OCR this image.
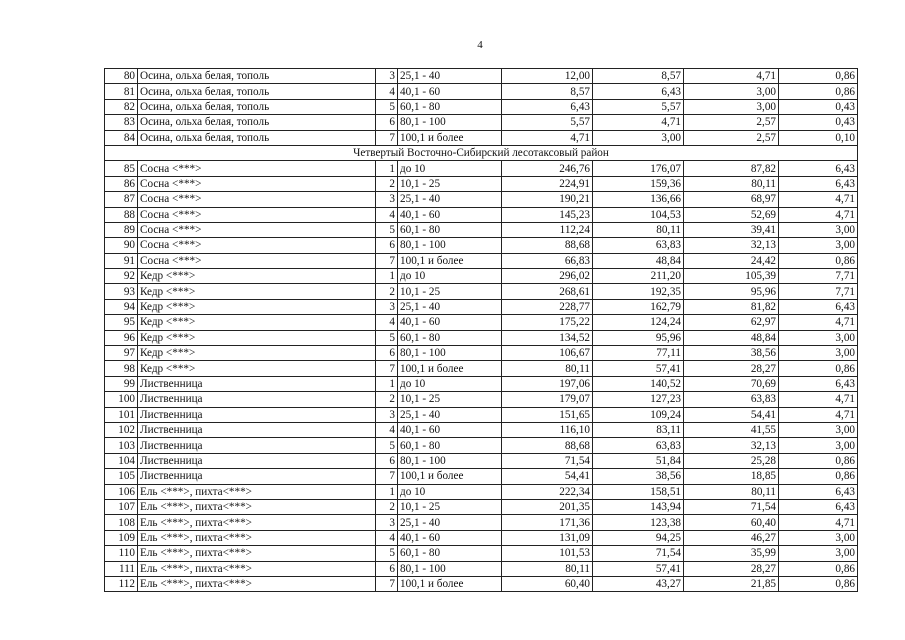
4
80	Осина, ольха белая, тополь	3	25,1 - 40	12,00	8,57	4,71	0,86
81	Осина, ольха белая, тополь	4	40,1 - 60	8,57	6,43	3,00	0,86
82	Осина, ольха белая, тополь	5	60,1 - 80	6,43	5,57	3,00	0,43
83	Осина, ольха белая, тополь	6	80,1 - 100	5,57	4,71	2,57	0,43
84	Осина, ольха белая, тополь	7	100,1 и более	4,71	3,00	2,57	0,10
Четвертый Восточно-Сибирский лесотаксовый район							
85	Сосна <***>	1	до 10	246,76	176,07	87,82	6,43
86	Сосна <***>	2	10,1 - 25	224,91	159,36	80,11	6,43
87	Сосна <***>	3	25,1 - 40	190,21	136,66	68,97	4,71
88	Сосна <***>	4	40,1 - 60	145,23	104,53	52,69	4,71
89	Сосна <***>	5	60,1 - 80	112,24	80,11	39,41	3,00
90	Сосна <***>	6	80,1 - 100	88,68	63,83	32,13	3,00
91	Сосна <***>	7	100,1 и более	66,83	48,84	24,42	0,86
92	Кедр <***>	1	до 10	296,02	211,20	105,39	7,71
93	Кедр <***>	2	10,1 - 25	268,61	192,35	95,96	7,71
94	Кедр <***>	3	25,1 - 40	228,77	162,79	81,82	6,43
95	Кедр <***>	4	40,1 - 60	175,22	124,24	62,97	4,71
96	Кедр <***>	5	60,1 - 80	134,52	95,96	48,84	3,00
97	Кедр <***>	6	80,1 - 100	106,67	77,11	38,56	3,00
98	Кедр <***>	7	100,1 и более	80,11	57,41	28,27	0,86
99	Лиственница	1	до 10	197,06	140,52	70,69	6,43
100	Лиственница	2	10,1 - 25	179,07	127,23	63,83	4,71
101	Лиственница	3	25,1 - 40	151,65	109,24	54,41	4,71
102	Лиственница	4	40,1 - 60	116,10	83,11	41,55	3,00
103	Лиственница	5	60,1 - 80	88,68	63,83	32,13	3,00
104	Лиственница	6	80,1 - 100	71,54	51,84	25,28	0,86
105	Лиственница	7	100,1 и более	54,41	38,56	18,85	0,86
106	Ель <***>, пихта<***>	1	до 10	222,34	158,51	80,11	6,43
107	Ель <***>, пихта<***>	2	10,1 - 25	201,35	143,94	71,54	6,43
108	Ель <***>, пихта<***>	3	25,1 - 40	171,36	123,38	60,40	4,71
109	Ель <***>, пихта<***>	4	40,1 - 60	131,09	94,25	46,27	3,00
110	Ель <***>, пихта<***>	5	60,1 - 80	101,53	71,54	35,99	3,00
111	Ель <***>, пихта<***>	6	80,1 - 100	80,11	57,41	28,27	0,86
112	Ель <***>, пихта<***>	7	100,1 и более	60,40	43,27	21,85	0,86
